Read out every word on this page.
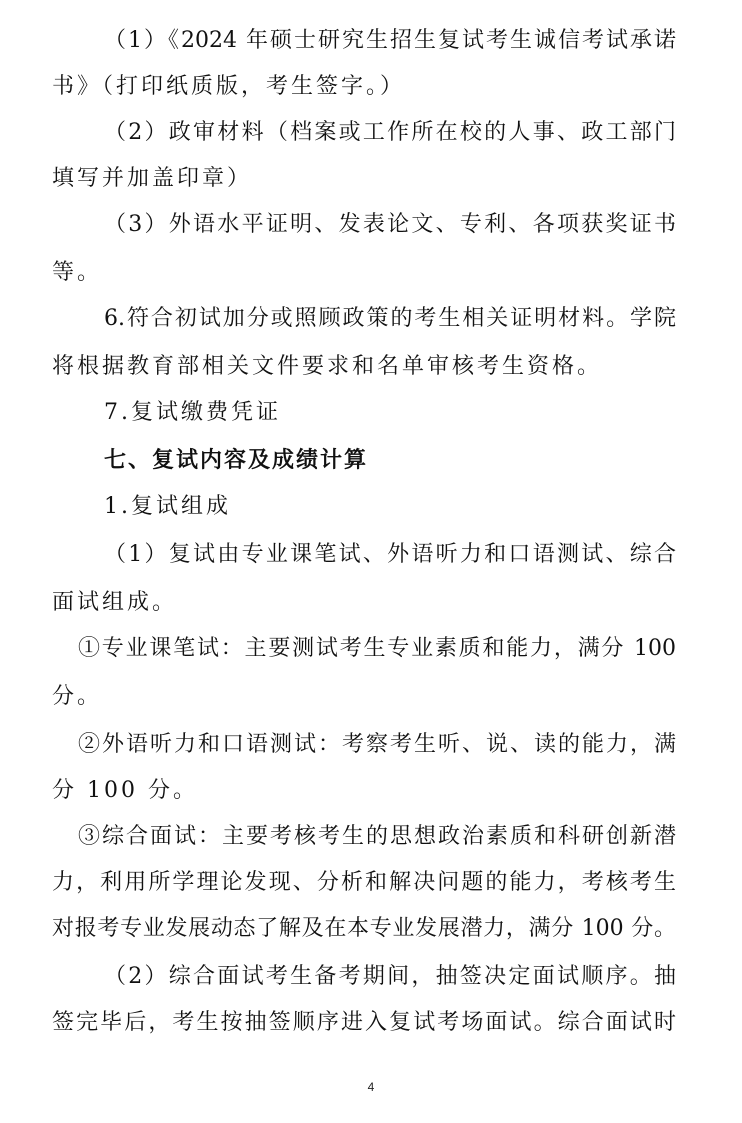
（1）《2024 年硕士研究生招生复试考生诚信考试承诺
书》（打印纸质版，考生签字。）
（2）政审材料（档案或工作所在校的人事、政工部门
填写并加盖印章）
（3）外语水平证明、发表论文、专利、各项获奖证书
等。
6.符合初试加分或照顾政策的考生相关证明材料。学院
将根据教育部相关文件要求和名单审核考生资格。
7.复试缴费凭证
七、复试内容及成绩计算
1.复试组成
（1）复试由专业课笔试、外语听力和口语测试、综合
面试组成。
①专业课笔试：主要测试考生专业素质和能力，满分 100
分。
②外语听力和口语测试：考察考生听、说、读的能力，满
分 100 分。
③综合面试：主要考核考生的思想政治素质和科研创新潜
力，利用所学理论发现、分析和解决问题的能力，考核考生
对报考专业发展动态了解及在本专业发展潜力，满分 100 分。
（2）综合面试考生备考期间，抽签决定面试顺序。抽
签完毕后，考生按抽签顺序进入复试考场面试。综合面试时
4
